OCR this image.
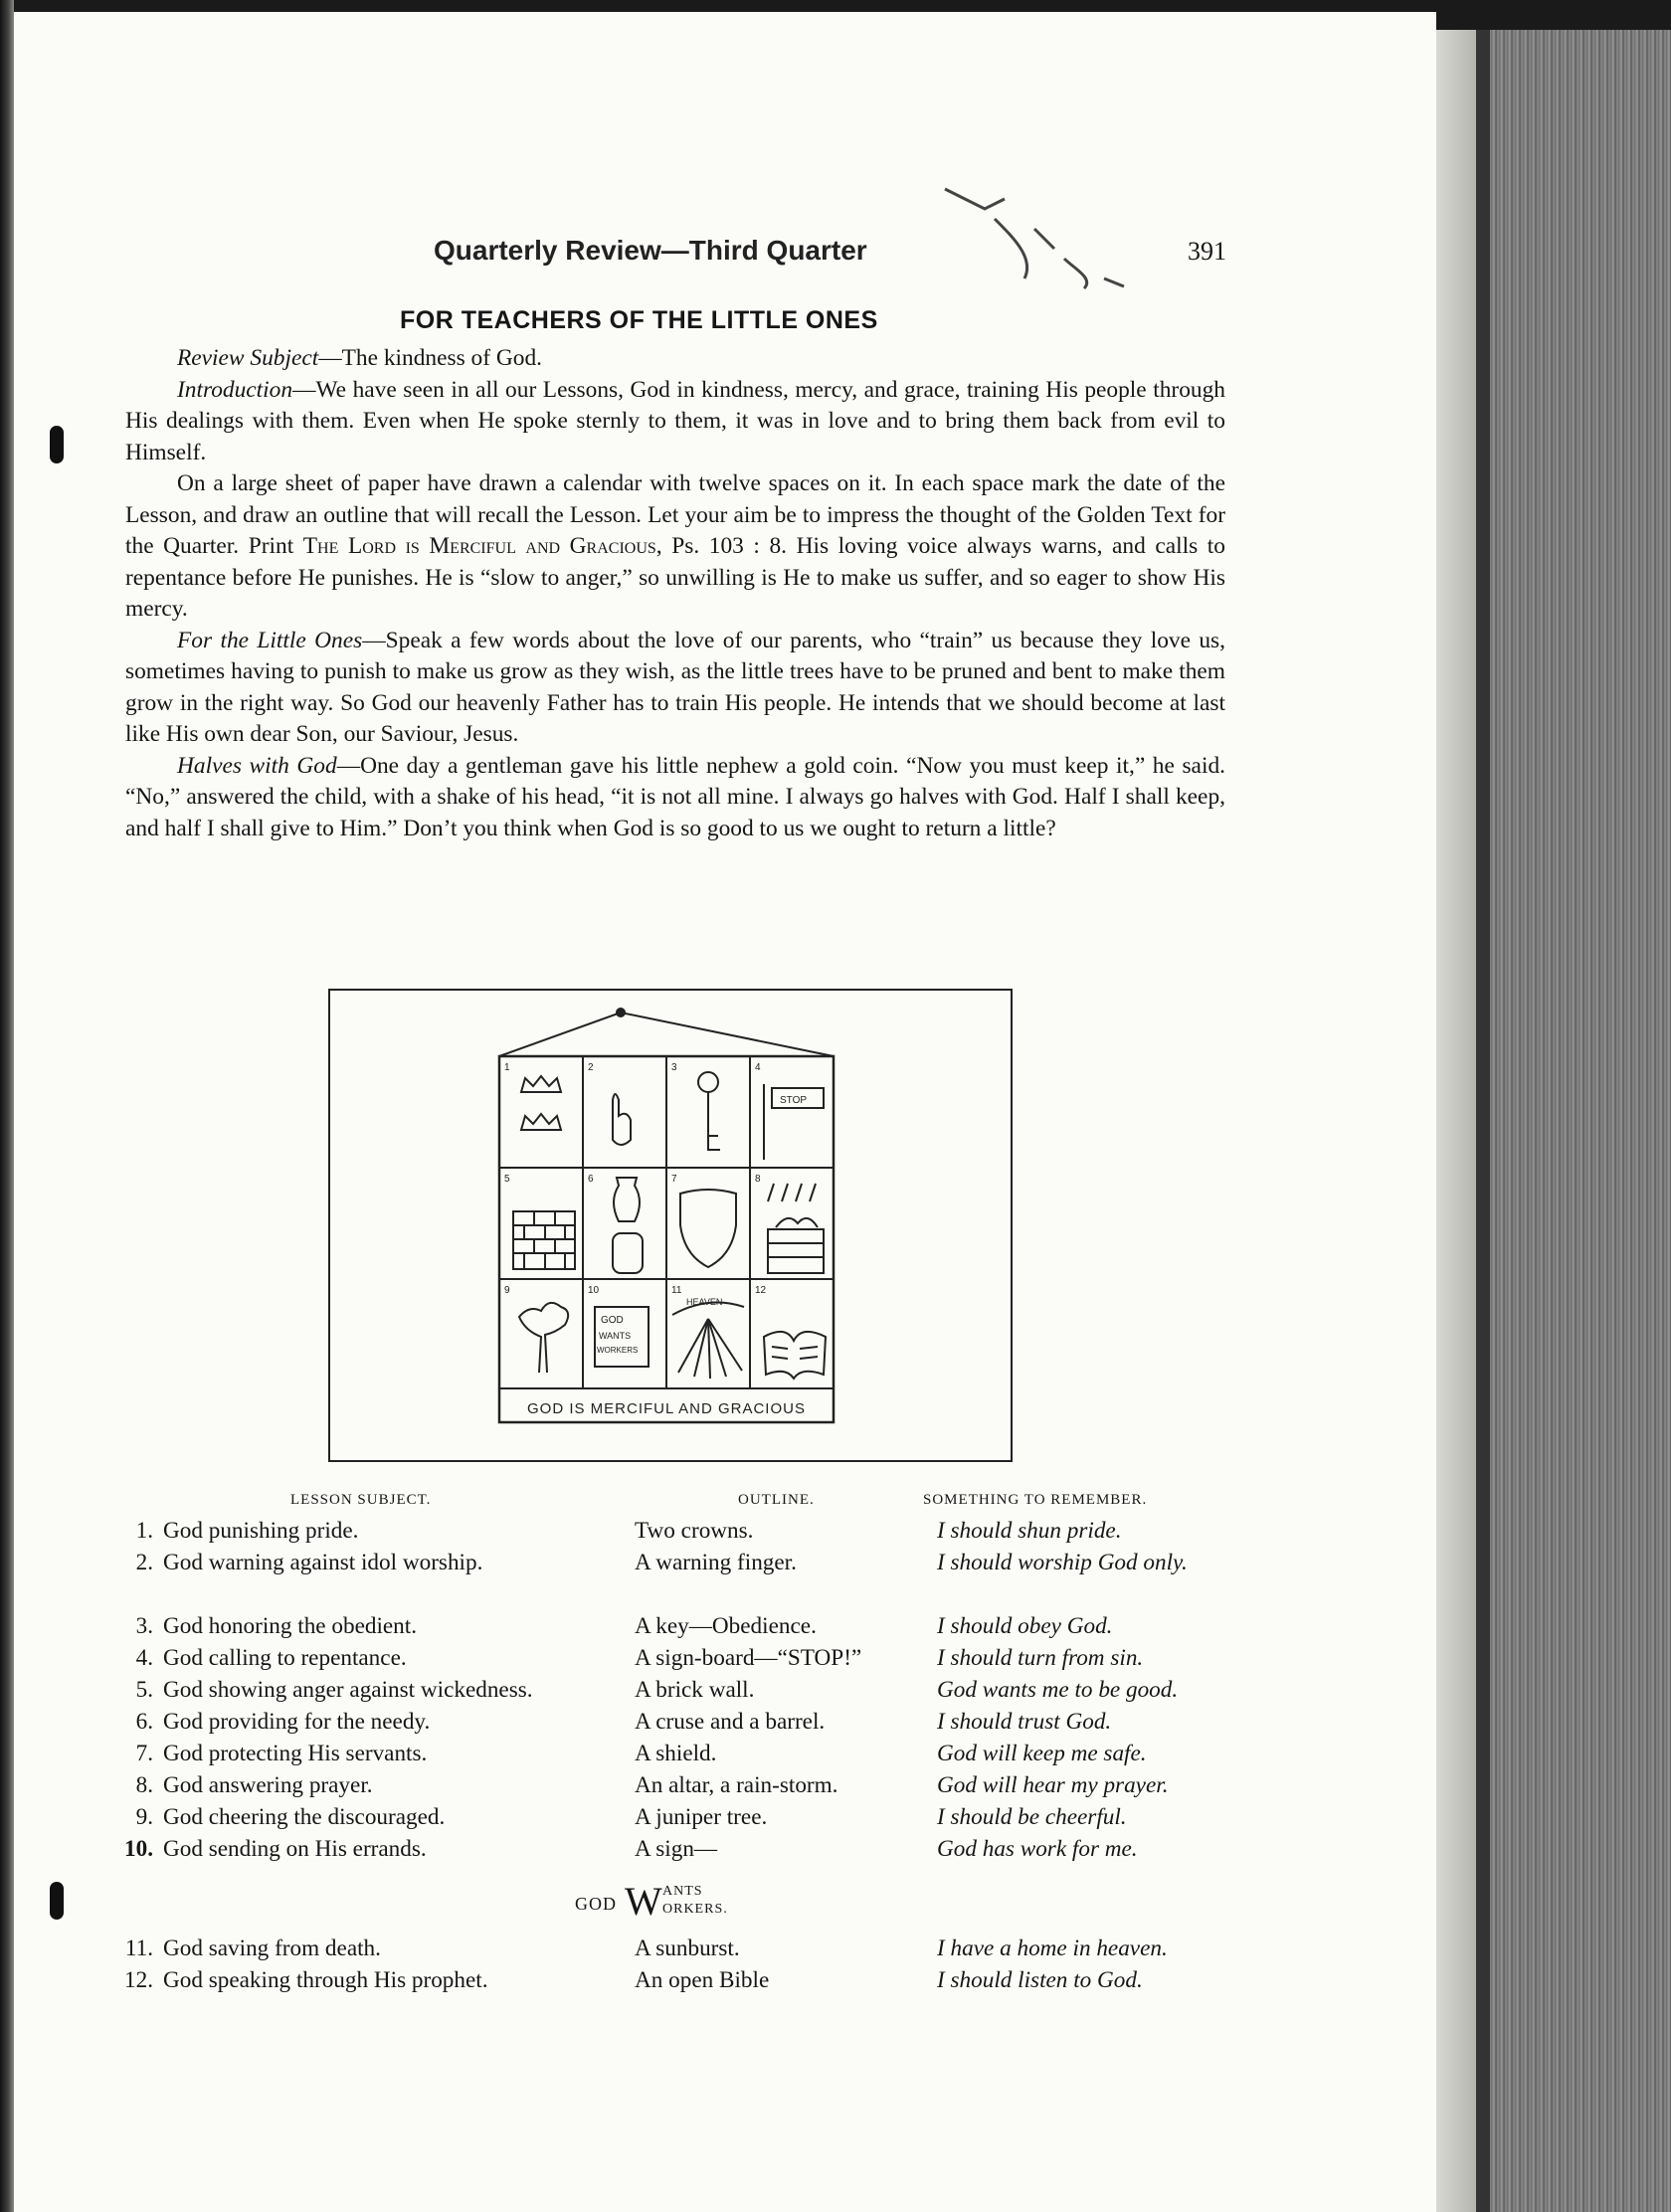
Quarterly Review—Third Quarter	391
FOR TEACHERS OF THE LITTLE ONES

Review Subject—The kindness of God.

Introduction—We have seen in all our Lessons, God in kindness, mercy, and grace, training His people through His dealings with them. Even when He spoke sternly to them, it was in love and to bring them back from evil to Himself.

On a large sheet of paper have drawn a calendar with twelve spaces on it. In each space mark the date of the Lesson, and draw an outline that will recall the Lesson. Let your aim be to impress the thought of the Golden Text for the Quarter. Print The Lord is Merciful and Gracious, Ps. 103 : 8. His loving voice always warns, and calls to repentance before He punishes. He is “slow to anger,” so unwilling is He to make us suffer, and so eager to show His mercy.

For the Little Ones—Speak a few words about the love of our parents, who “train” us because they love us, sometimes having to punish to make us grow as they wish, as the little trees have to be pruned and bent to make them grow in the right way. So God our heavenly Father has to train His people. He intends that we should become at last like His own dear Son, our Saviour, Jesus.

Halves with God—One day a gentleman gave his little nephew a gold coin. “Now you must keep it,” he said. “No,” answered the child, with a shake of his head, “it is not all mine. I always go halves with God. Half I shall keep, and half I shall give to Him.” Don’t you think when God is so good to us we ought to return a little?

1	2	3	4
5	6	7	8
9	10	11	12
STOP
GOD
WANTS
WORKERS
HEAVEN
GOD IS MERCIFUL AND GRACIOUS
LESSON SUBJECT.	OUTLINE.	SOMETHING TO REMEMBER.
1. God punishing pride.	Two crowns.	I should shun pride.
2. God warning against idol worship.	A warning finger.	I should worship God only.
3. God honoring the obedient.	A key—Obedience.	I should obey God.
4. God calling to repentance.	A sign-board—“STOP!”	I should turn from sin.
5. God showing anger against wickedness.	A brick wall.	God wants me to be good.
6. God providing for the needy.	A cruse and a barrel.	I should trust God.
7. God protecting His servants.	A shield.	God will keep me safe.
8. God answering prayer.	An altar, a rain-storm.	God will hear my prayer.
9. God cheering the discouraged.	A juniper tree.	I should be cheerful.
10. God sending on His errands.	A sign—	God has work for me.
11. God saving from death.	A sunburst.	I have a home in heaven.
12. God speaking through His prophet.	An open Bible	I should listen to God.
GOD W ANTS
ORKERS.
